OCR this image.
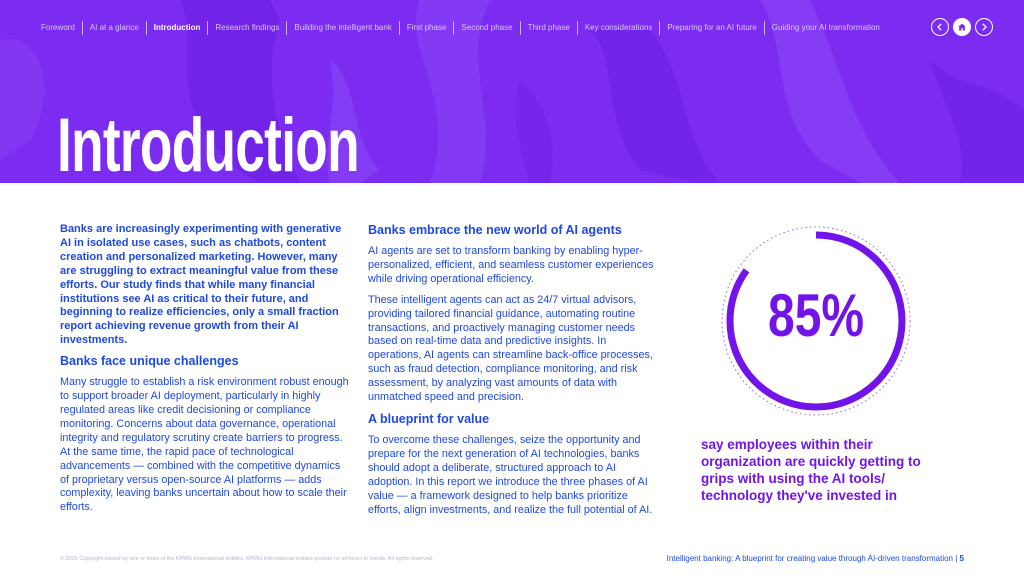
Foreword	AI at a glance	Introduction	Research findings	Building the intelligent bank	First phase	Second phase	Third phase	Key considerations	Preparing for an AI future	Guiding your AI transformation
Introduction

Banks are increasingly experimenting with generative AI in isolated use cases, such as chatbots, content creation and personalized marketing. However, many are struggling to extract meaningful value from these efforts. Our study finds that while many financial institutions see AI as critical to their future, and beginning to realize efficiencies, only a small fraction report achieving revenue growth from their AI investments.

Banks face unique challenges

Many struggle to establish a risk environment robust enough to support broader AI deployment, particularly in highly regulated areas like credit decisioning or compliance monitoring. Concerns about data governance, operational integrity and regulatory scrutiny create barriers to progress. At the same time, the rapid pace of technological advancements — combined with the competitive dynamics of proprietary versus open-source AI platforms — adds complexity, leaving banks uncertain about how to scale their efforts.

Banks embrace the new world of AI agents

AI agents are set to transform banking by enabling hyper-personalized, efficient, and seamless customer experiences while driving operational efficiency.

These intelligent agents can act as 24/7 virtual advisors, providing tailored financial guidance, automating routine transactions, and proactively managing customer needs based on real-time data and predictive insights. In operations, AI agents can streamline back-office processes, such as fraud detection, compliance monitoring, and risk assessment, by analyzing vast amounts of data with unmatched speed and precision.

A blueprint for value

To overcome these challenges, seize the opportunity and prepare for the next generation of AI technologies, banks should adopt a deliberate, structured approach to AI adoption. In this report we introduce the three phases of AI value — a framework designed to help banks prioritize efforts, align investments, and realize the full potential of AI.

85%

say employees within their organization are quickly getting to grips with using the AI tools/ technology they've invested in

© 2025 Copyright owned by one or more of the KPMG International entities. KPMG International entities provide no services to clients. All rights reserved.	Intelligent banking: A blueprint for creating value through AI-driven transformation | 5
